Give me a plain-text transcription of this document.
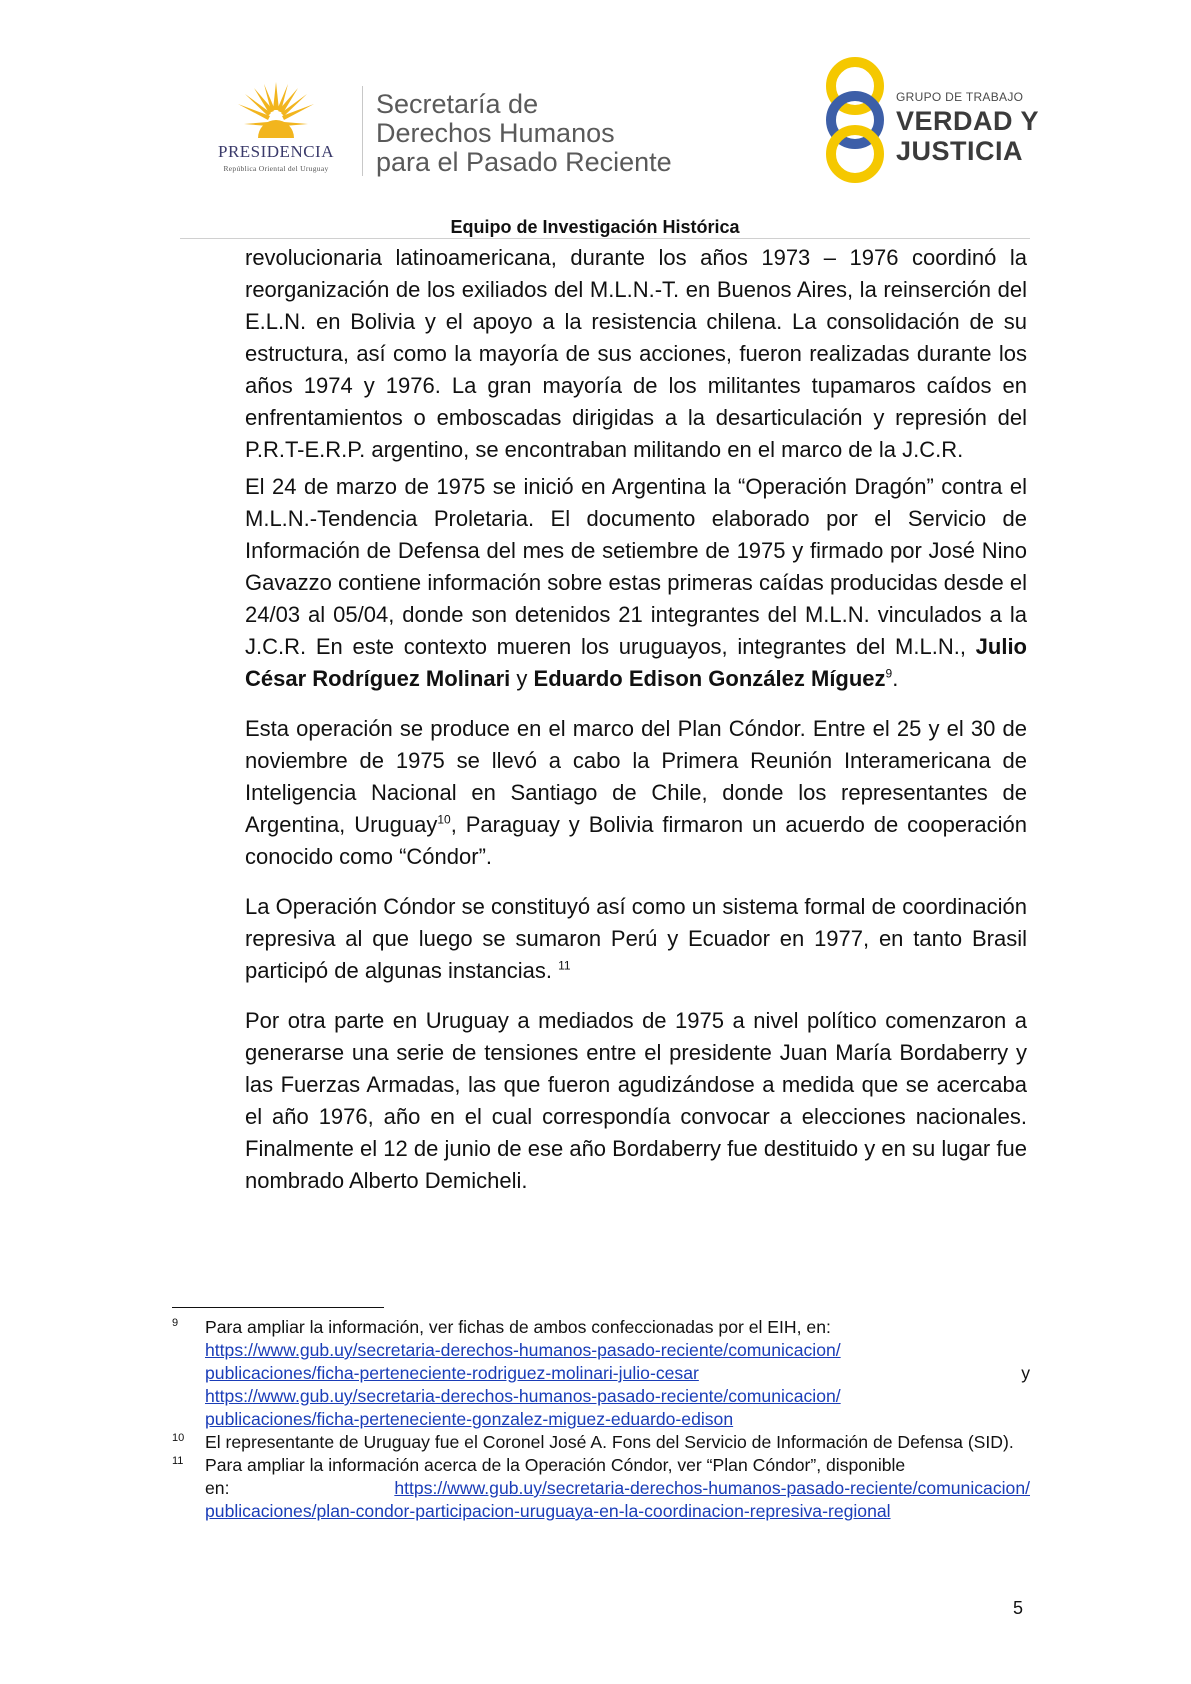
PRESIDENCIA
República Oriental del Uruguay
Secretaría de
Derechos Humanos
para el Pasado Reciente
GRUPO DE TRABAJO
VERDAD Y
JUSTICIA
Equipo de Investigación Histórica

revolucionaria latinoamericana, durante los años 1973 – 1976 coordinó la reorganización de los exiliados del M.L.N.-T. en Buenos Aires, la reinserción del E.L.N. en Bolivia y el apoyo a la resistencia chilena. La consolidación de su estructura, así como la mayoría de sus acciones, fueron realizadas durante los años 1974 y 1976. La gran mayoría de los militantes tupamaros caídos en enfrentamientos o emboscadas dirigidas a la desarticulación y represión del P.R.T-E.R.P. argentino, se encontraban militando en el marco de la J.C.R.

El 24 de marzo de 1975 se inició en Argentina la “Operación Dragón” contra el M.L.N.-Tendencia Proletaria. El documento elaborado por el Servicio de Información de Defensa del mes de setiembre de 1975 y firmado por José Nino Gavazzo contiene información sobre estas primeras caídas producidas desde el 24/03 al 05/04, donde son detenidos 21 integrantes del M.L.N. vinculados a la J.C.R. En este contexto mueren los uruguayos, integrantes del M.L.N., Julio César Rodríguez Molinari y Eduardo Edison González Míguez$^9$.

Esta operación se produce en el marco del Plan Cóndor. Entre el 25 y el 30 de noviembre de 1975 se llevó a cabo la Primera Reunión Interamericana de Inteligencia Nacional en Santiago de Chile, donde los representantes de Argentina, Uruguay$^{10}$, Paraguay y Bolivia firmaron un acuerdo de cooperación conocido como “Cóndor”.

La Operación Cóndor se constituyó así como un sistema formal de coordinación represiva al que luego se sumaron Perú y Ecuador en 1977, en tanto Brasil participó de algunas instancias. $^{11}$

Por otra parte en Uruguay a mediados de 1975 a nivel político comenzaron a generarse una serie de tensiones entre el presidente Juan María Bordaberry y las Fuerzas Armadas, las que fueron agudizándose a medida que se acercaba el año 1976, año en el cual correspondía convocar a elecciones nacionales. Finalmente el 12 de junio de ese año Bordaberry fue destituido y en su lugar fue nombrado Alberto Demicheli.

9 Para ampliar la información, ver fichas de ambos confeccionadas por el EIH, en:
https://www.gub.uy/secretaria-derechos-humanos-pasado-reciente/comunicacion/
publicaciones/ficha-perteneciente-rodriguez-molinari-julio-cesar	y
https://www.gub.uy/secretaria-derechos-humanos-pasado-reciente/comunicacion/
publicaciones/ficha-perteneciente-gonzalez-miguez-eduardo-edison
10 El representante de Uruguay fue el Coronel José A. Fons del Servicio de Información de Defensa (SID).
11 Para ampliar la información acerca de la Operación Cóndor, ver “Plan Cóndor”, disponible
en:	https://www.gub.uy/secretaria-derechos-humanos-pasado-reciente/comunicacion/
publicaciones/plan-condor-participacion-uruguaya-en-la-coordinacion-represiva-regional
5
